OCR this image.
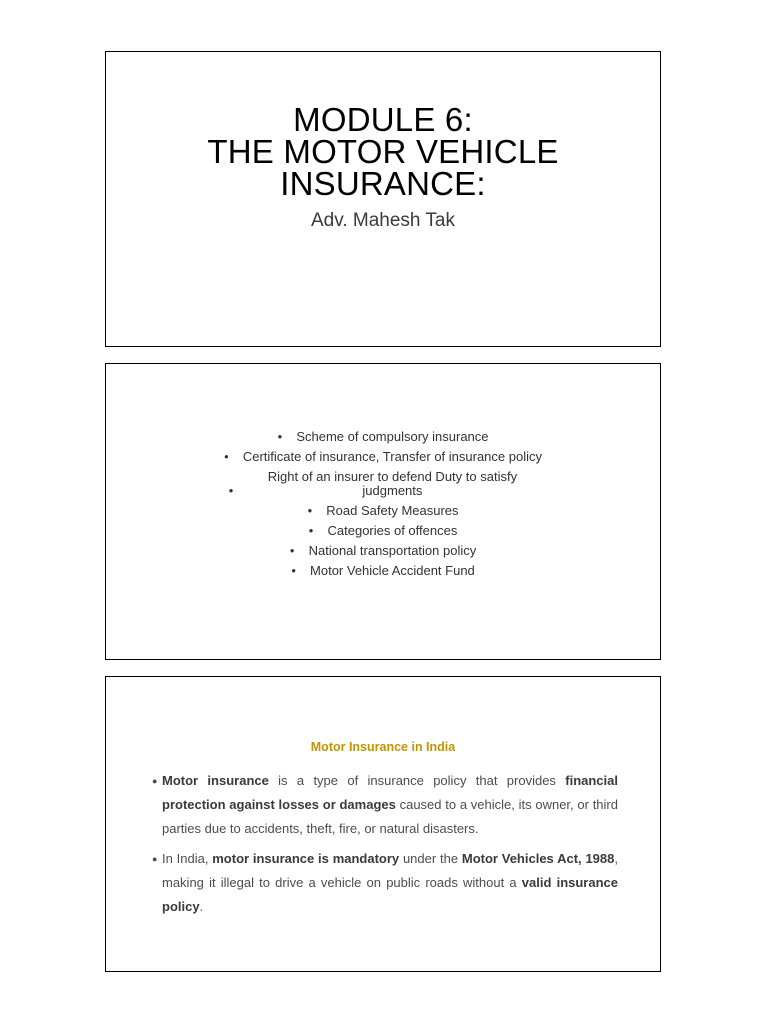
MODULE 6:
THE MOTOR VEHICLE
INSURANCE:
Adv. Mahesh Tak
● Scheme of compulsory insurance
● Certificate of insurance, Transfer of insurance policy
●Right of an insurer to defend Duty to satisfy judgments
● Road Safety Measures
● Categories of offences
● National transportation policy
● Motor Vehicle Accident Fund
Motor Insurance in India
● Motor insurance is a type of insurance policy that provides financial protection against losses or damages caused to a vehicle, its owner, or third parties due to accidents, theft, fire, or natural disasters.
● In India, motor insurance is mandatory under the Motor Vehicles Act, 1988, making it illegal to drive a vehicle on public roads without a valid insurance policy.
